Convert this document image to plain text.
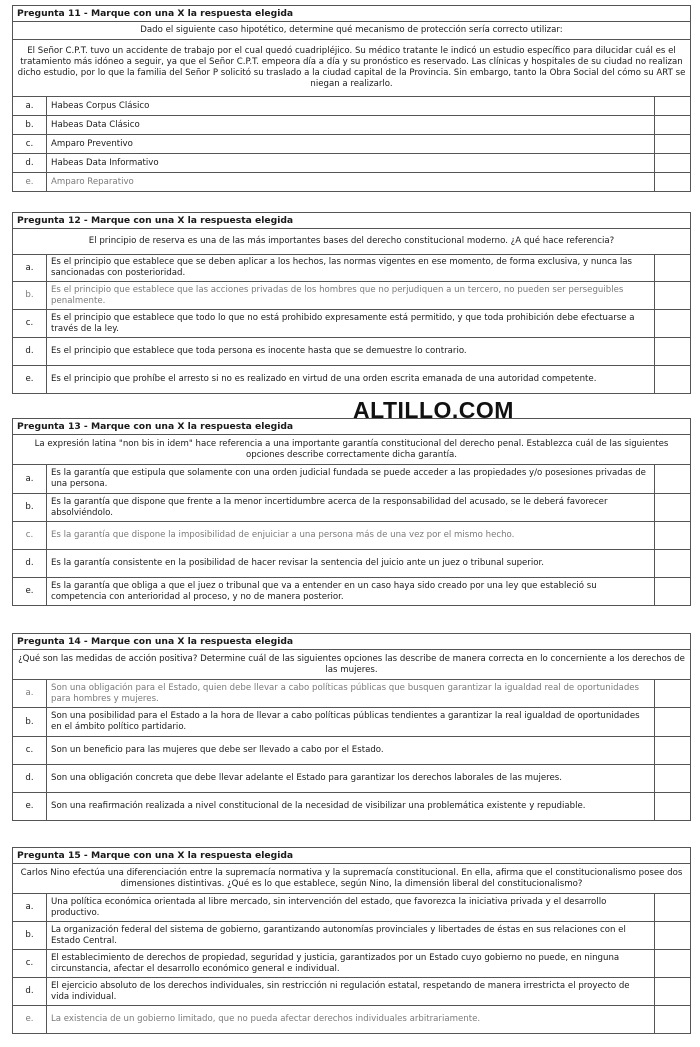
Pregunta 11 - Marque con una X la respuesta elegida		
Dado el siguiente caso hipotético, determine qué mecanismo de protección sería correcto utilizar:		
El Señor C.P.T. tuvo un accidente de trabajo por el cual quedó cuadripléjico. Su médico tratante le indicó un estudio específico para dilucidar cuál es el tratamiento más idóneo a seguir, ya que el Señor C.P.T. empeora día a día y su pronóstico es reservado. Las clínicas y hospitales de su ciudad no realizan dicho estudio, por lo que la familia del Señor P solicitó su traslado a la ciudad capital de la Provincia. Sin embargo, tanto la Obra Social del cómo su ART se niegan a realizarlo.		
a.	Habeas Corpus Clásico	
b.	Habeas Data Clásico	
c.	Amparo Preventivo	
d.	Habeas Data Informativo	
e.	Amparo Reparativo	
Pregunta 12 - Marque con una X la respuesta elegida		
El principio de reserva es una de las más importantes bases del derecho constitucional moderno. ¿A qué hace referencia?		
a.	Es el principio que establece que se deben aplicar a los hechos, las normas vigentes en ese momento, de forma exclusiva, y nunca las sancionadas con posterioridad.	
b.	Es el principio que establece que las acciones privadas de los hombres que no perjudiquen a un tercero, no pueden ser perseguibles penalmente.	
c.	Es el principio que establece que todo lo que no está prohibido expresamente está permitido, y que toda prohibición debe efectuarse a través de la ley.	
d.	Es el principio que establece que toda persona es inocente hasta que se demuestre lo contrario.	
e.	Es el principio que prohíbe el arresto si no es realizado en virtud de una orden escrita emanada de una autoridad competente.	
ALTILLO.COM
Pregunta 13 - Marque con una X la respuesta elegida		
La expresión latina "non bis in idem" hace referencia a una importante garantía constitucional del derecho penal. Establezca cuál de las siguientes opciones describe correctamente dicha garantía.		
a.	Es la garantía que estipula que solamente con una orden judicial fundada se puede acceder a las propiedades y/o posesiones privadas de una persona.	
b.	Es la garantía que dispone que frente a la menor incertidumbre acerca de la responsabilidad del acusado, se le deberá favorecer absolviéndolo.	
c.	Es la garantía que dispone la imposibilidad de enjuiciar a una persona más de una vez por el mismo hecho.	
d.	Es la garantía consistente en la posibilidad de hacer revisar la sentencia del juicio ante un juez o tribunal superior.	
e.	Es la garantía que obliga a que el juez o tribunal que va a entender en un caso haya sido creado por una ley que estableció su competencia con anterioridad al proceso, y no de manera posterior.	
Pregunta 14 - Marque con una X la respuesta elegida		
¿Qué son las medidas de acción positiva? Determine cuál de las siguientes opciones las describe de manera correcta en lo concerniente a los derechos de las mujeres.		
a.	Son una obligación para el Estado, quien debe llevar a cabo políticas públicas que busquen garantizar la igualdad real de oportunidades para hombres y mujeres.	
b.	Son una posibilidad para el Estado a la hora de llevar a cabo políticas públicas tendientes a garantizar la real igualdad de oportunidades en el ámbito político partidario.	
c.	Son un beneficio para las mujeres que debe ser llevado a cabo por el Estado.	
d.	Son una obligación concreta que debe llevar adelante el Estado para garantizar los derechos laborales de las mujeres.	
e.	Son una reafirmación realizada a nivel constitucional de la necesidad de visibilizar una problemática existente y repudiable.	
Pregunta 15 - Marque con una X la respuesta elegida		
Carlos Nino efectúa una diferenciación entre la supremacía normativa y la supremacía constitucional. En ella, afirma que el constitucionalismo posee dos dimensiones distintivas. ¿Qué es lo que establece, según Nino, la dimensión liberal del constitucionalismo?		
a.	Una política económica orientada al libre mercado, sin intervención del estado, que favorezca la iniciativa privada y el desarrollo productivo.	
b.	La organización federal del sistema de gobierno, garantizando autonomías provinciales y libertades de éstas en sus relaciones con el Estado Central.	
c.	El establecimiento de derechos de propiedad, seguridad y justicia, garantizados por un Estado cuyo gobierno no puede, en ninguna circunstancia, afectar el desarrollo económico general e individual.	
d.	El ejercicio absoluto de los derechos individuales, sin restricción ni regulación estatal, respetando de manera irrestricta el proyecto de vida individual.	
e.	La existencia de un gobierno limitado, que no pueda afectar derechos individuales arbitrariamente.	
